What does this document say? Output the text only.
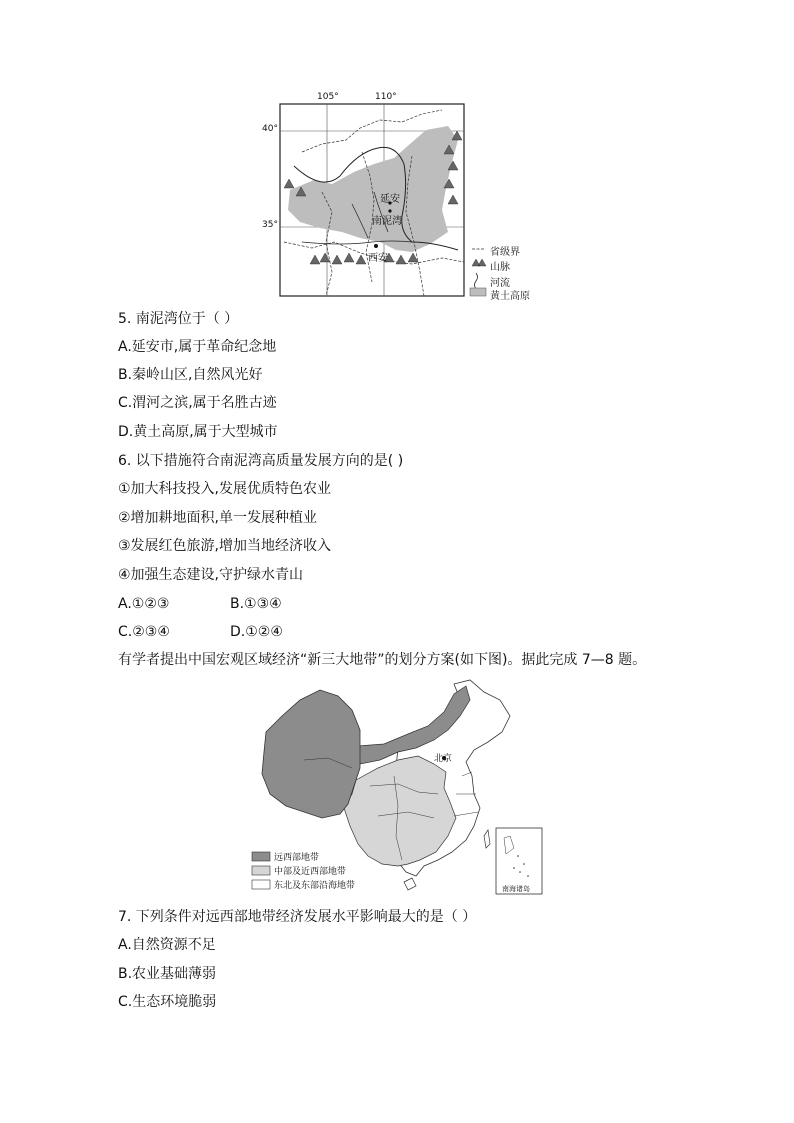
105°	110°
40°
35°
延安
南泥湾
西安
省级界
山脉
河流
黄土高原
5. 南泥湾位于（ ）
A.延安市,属于革命纪念地
B.秦岭山区,自然风光好
C.渭河之滨,属于名胜古迹
D.黄土高原,属于大型城市
6. 以下措施符合南泥湾高质量发展方向的是( )
①加大科技投入,发展优质特色农业
②增加耕地面积,单一发展种植业
③发展红色旅游,增加当地经济收入
④加强生态建设,守护绿水青山
A.①②③	B.①③④
C.②③④	D.①②④
有学者提出中国宏观区域经济“新三大地带”的划分方案(如下图)。据此完成 7—8 题。
北京
南海诸岛
远西部地带
中部及近西部地带
东北及东部沿海地带
7. 下列条件对远西部地带经济发展水平影响最大的是（ ）
A.自然资源不足
B.农业基础薄弱
C.生态环境脆弱
